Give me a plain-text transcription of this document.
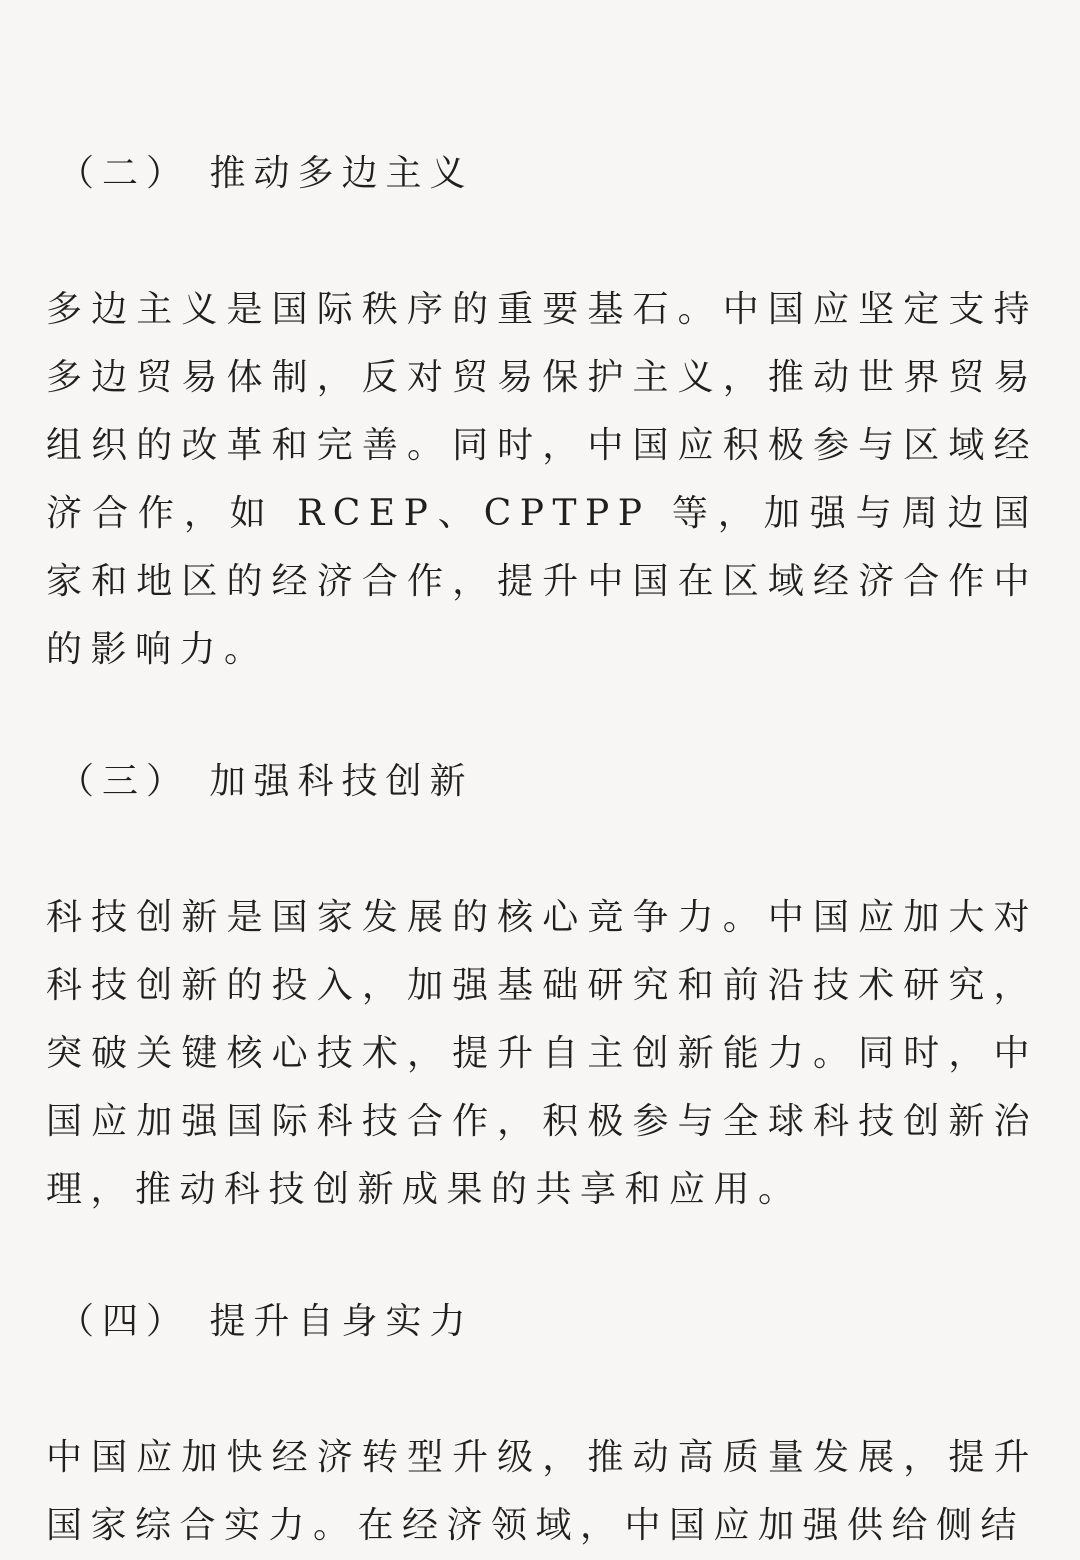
（二） 推动多边主义

多边主义是国际秩序的重要基石。中国应坚定支持多边贸易体制，反对贸易保护主义，推动世界贸易组织的改革和完善。同时，中国应积极参与区域经济合作，如 RCEP、CPTPP 等，加强与周边国家和地区的经济合作，提升中国在区域经济合作中的影响力。

（三） 加强科技创新

科技创新是国家发展的核心竞争力。中国应加大对科技创新的投入，加强基础研究和前沿技术研究，突破关键核心技术，提升自主创新能力。同时，中国应加强国际科技合作，积极参与全球科技创新治理，推动科技创新成果的共享和应用。

（四） 提升自身实力

中国应加快经济转型升级，推动高质量发展，提升国家综合实力。在经济领域，中国应加强供给侧结
